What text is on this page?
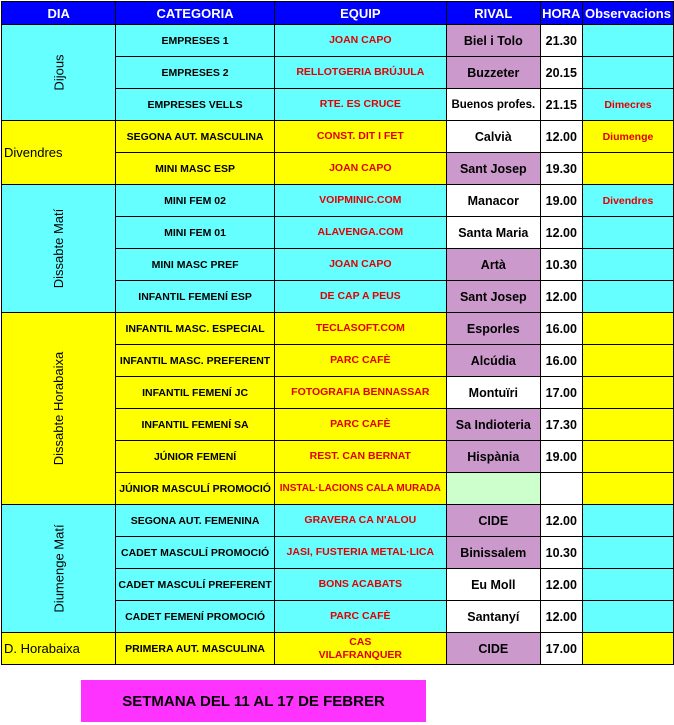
DIA	CATEGORIA	EQUIP	RIVAL	HORA	Observacions
Dijous	EMPRESES 1	JOAN CAPO	Biel i Tolo	21.30	
	EMPRESES 2	RELLOTGERIA BRÚJULA	Buzzeter	20.15	
	EMPRESES VELLS	RTE. ES CRUCE	Buenos profes.	21.15	Dimecres
Divendres	SEGONA AUT. MASCULINA	CONST. DIT I FET	Calvià	12.00	Diumenge
	MINI MASC ESP	JOAN CAPO	Sant Josep	19.30	
Dissabte Matí	MINI FEM 02	VOIPMINIC.COM	Manacor	19.00	Divendres
	MINI FEM 01	ALAVENGA.COM	Santa Maria	12.00	
	MINI MASC PREF	JOAN CAPO	Artà	10.30	
	INFANTIL FEMENÍ ESP	DE CAP A PEUS	Sant Josep	12.00	
Dissabte Horabaixa	INFANTIL MASC. ESPECIAL	TECLASOFT.COM	Esporles	16.00	
	INFANTIL MASC. PREFERENT	PARC CAFÈ	Alcúdia	16.00	
	INFANTIL FEMENÍ JC	FOTOGRAFIA BENNASSAR	Montuïri	17.00	
	INFANTIL FEMENÍ SA	PARC CAFÈ	Sa Indioteria	17.30	
	JÚNIOR FEMENÍ	REST. CAN BERNAT	Hispània	19.00	
	JÚNIOR MASCULÍ PROMOCIÓ	INSTAL·LACIONS CALA MURADA			
Diumenge Matí	SEGONA AUT. FEMENINA	GRAVERA CA N'ALOU	CIDE	12.00	
	CADET MASCULÍ PROMOCIÓ	JASI, FUSTERIA METAL·LICA	Binissalem	10.30	
	CADET MASCULÍ PREFERENT	BONS ACABATS	Eu Moll	12.00	
	CADET FEMENÍ PROMOCIÓ	PARC CAFÈ	Santanyí	12.00	
D. Horabaixa	PRIMERA AUT. MASCULINA	CAS VILAFRANQUER	CIDE	17.00	
SETMANA DEL 11 AL 17 DE FEBRER
